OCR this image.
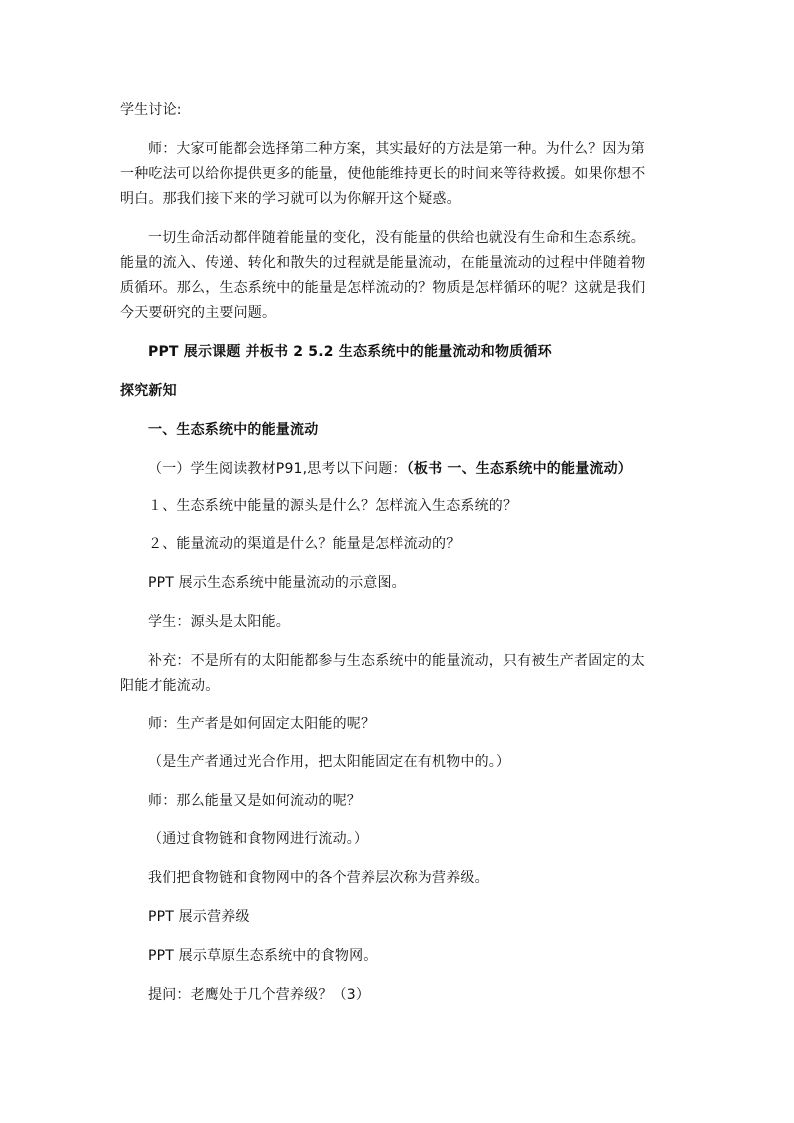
学生讨论:
师：大家可能都会选择第二种方案，其实最好的方法是第一种。为什么？因为第
一种吃法可以给你提供更多的能量，使他能维持更长的时间来等待救援。如果你想不
明白。那我们接下来的学习就可以为你解开这个疑惑。
一切生命活动都伴随着能量的变化，没有能量的供给也就没有生命和生态系统。
能量的流入、传递、转化和散失的过程就是能量流动，在能量流动的过程中伴随着物
质循环。那么，生态系统中的能量是怎样流动的？物质是怎样循环的呢？这就是我们
今天要研究的主要问题。
PPT 展示课题 并板书 2 5.2 生态系统中的能量流动和物质循环
探究新知
一、生态系统中的能量流动
（一）学生阅读教材P91,思考以下问题：（板书 一、生态系统中的能量流动）
１、生态系统中能量的源头是什么？怎样流入生态系统的？
２、能量流动的渠道是什么？能量是怎样流动的？
PPT 展示生态系统中能量流动的示意图。
学生：源头是太阳能。
补充：不是所有的太阳能都参与生态系统中的能量流动，只有被生产者固定的太
阳能才能流动。
师：生产者是如何固定太阳能的呢？
（是生产者通过光合作用，把太阳能固定在有机物中的。）
师：那么能量又是如何流动的呢？
（通过食物链和食物网进行流动。）
我们把食物链和食物网中的各个营养层次称为营养级。
PPT 展示营养级
PPT 展示草原生态系统中的食物网。
提问：老鹰处于几个营养级？（3）
